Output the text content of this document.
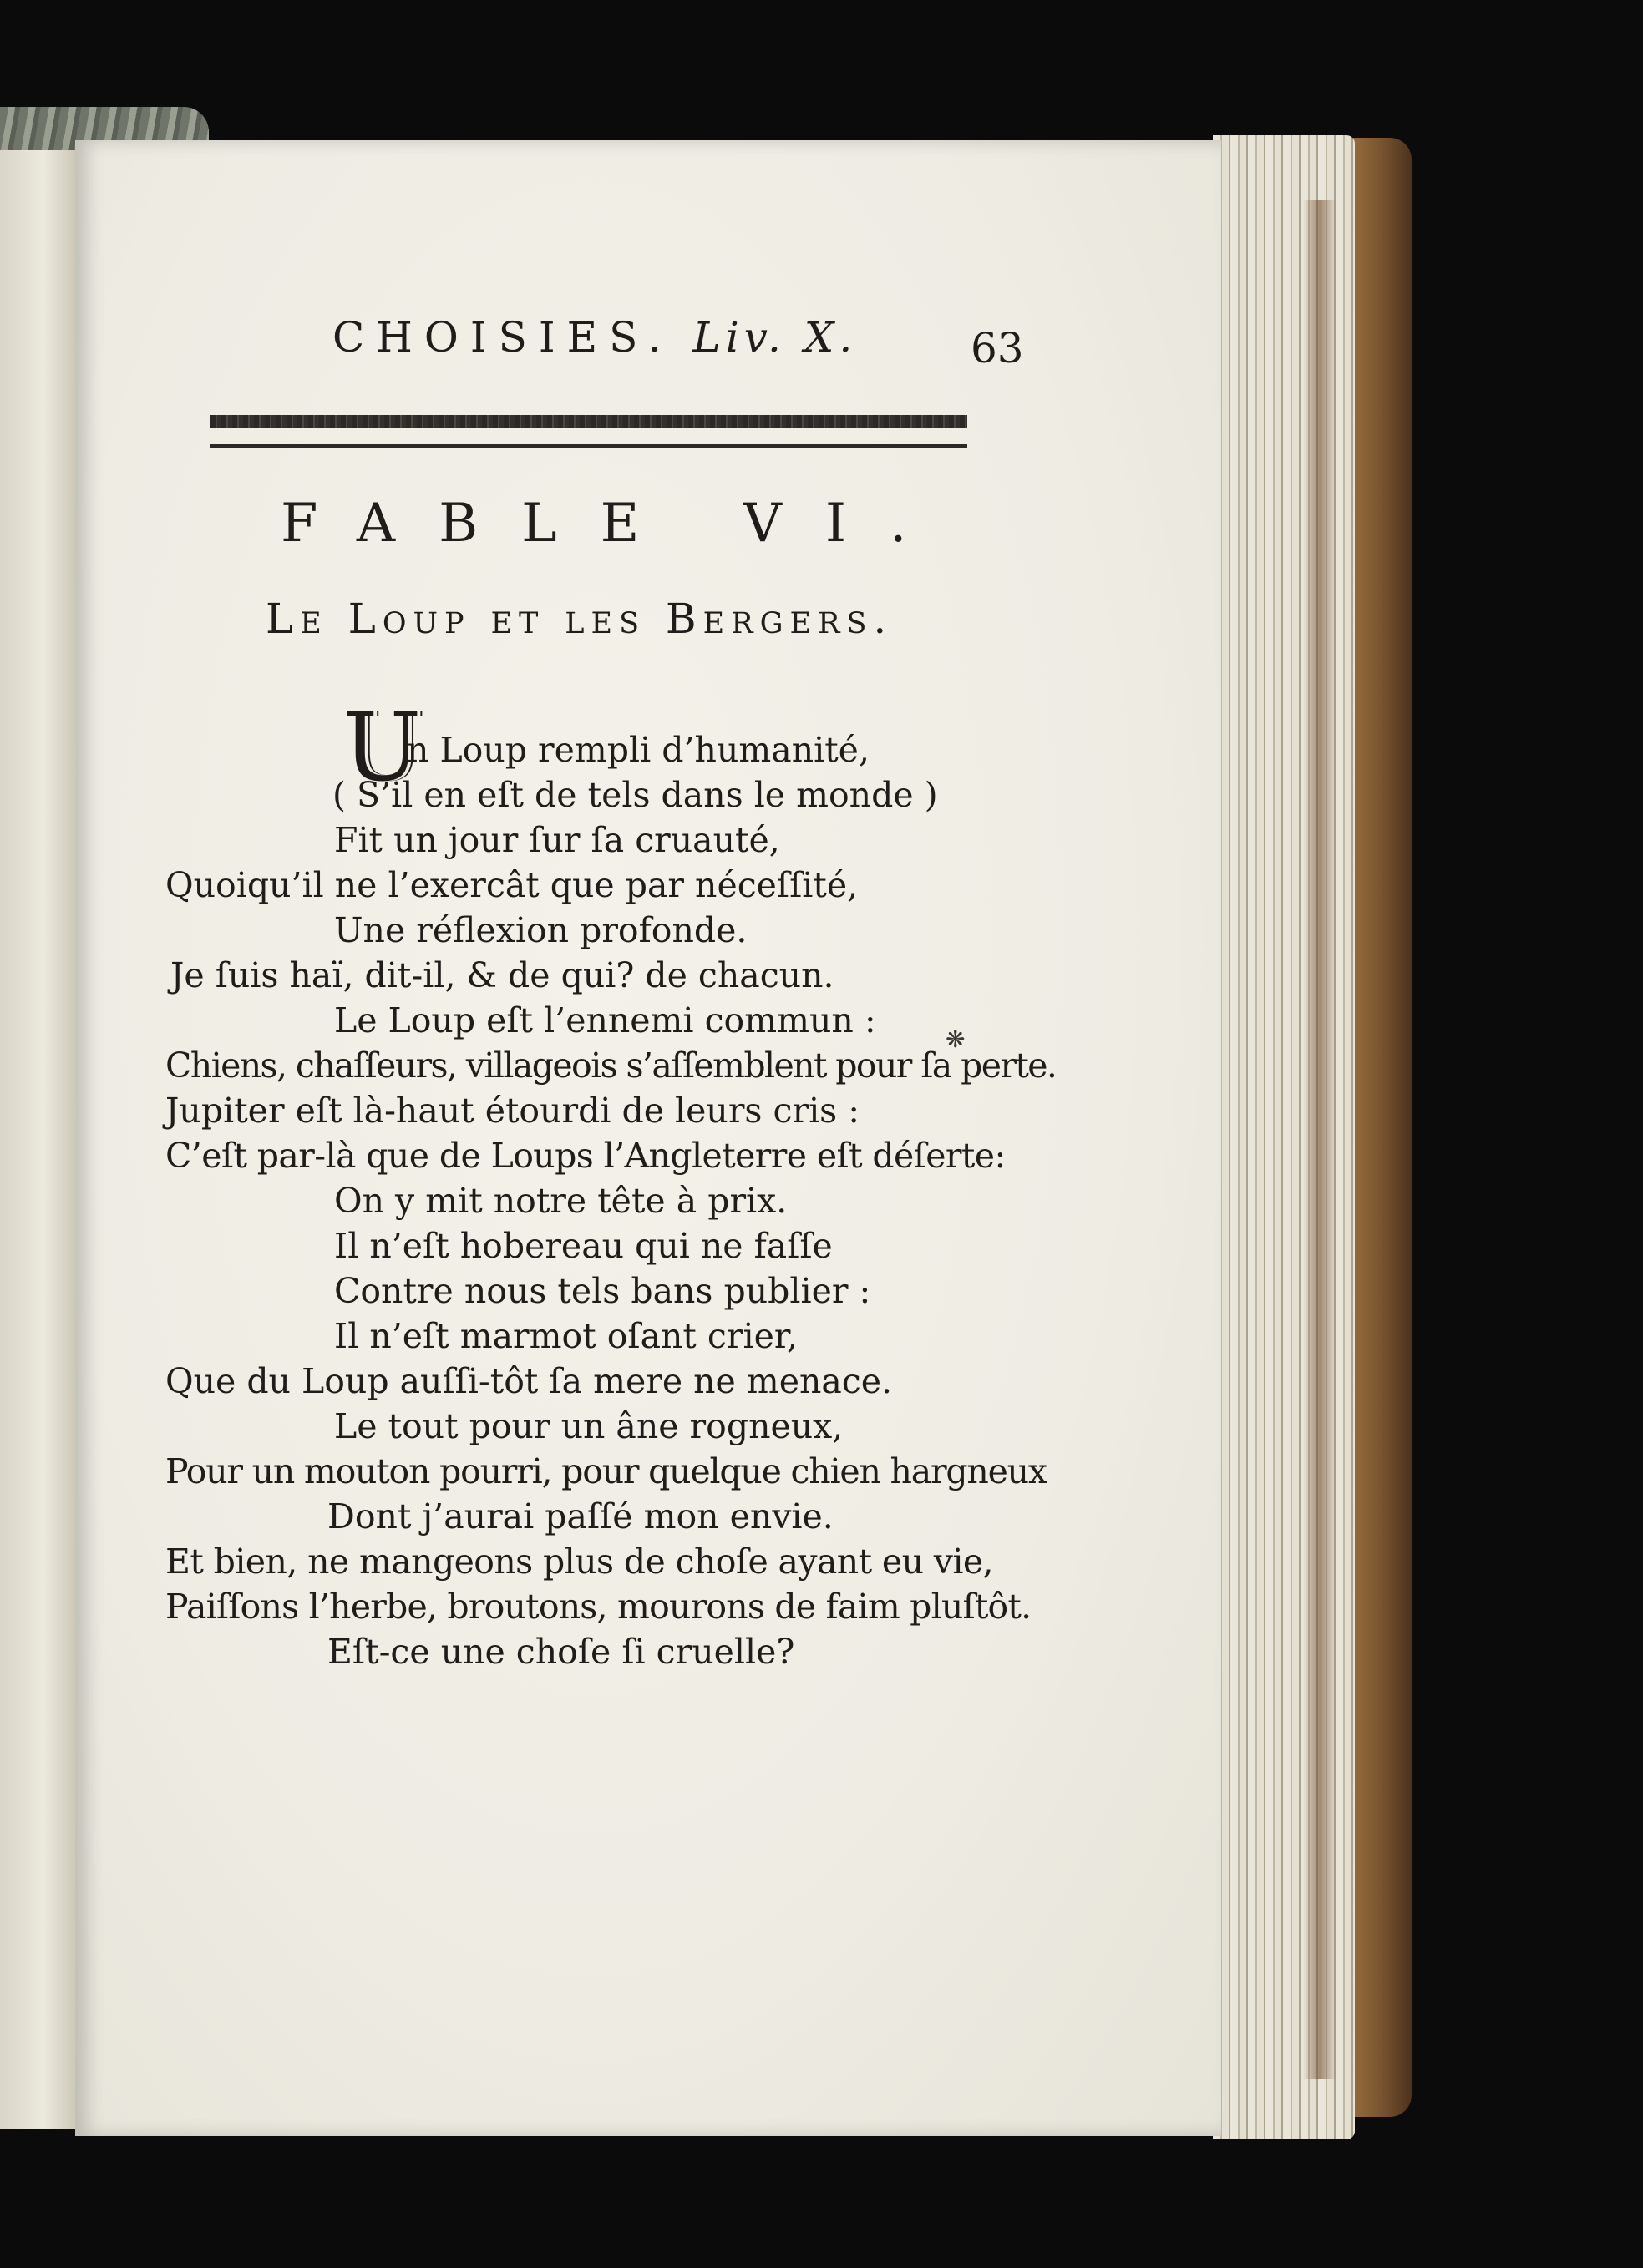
CHOISIES. Liv. X.	63
FABLE VI.
Le Loup et les Bergers.
U
n Loup rempli d’humanité,
( S’il en eſt de tels dans le monde )
Fit un jour ſur ſa cruauté,
Quoiqu’il ne l’exercât que par néceſſité,
Une réflexion profonde.
Je ſuis haï, dit-il, & de qui? de chacun.
Le Loup eſt l’ennemi commun :
Chiens, chaſſeurs, villageois s’aſſemblent pour ſa perte.
Jupiter eſt là-haut étourdi de leurs cris :
C’eſt par-là que de Loups l’Angleterre eſt déſerte:
On y mit notre tête à prix.
Il n’eſt hobereau qui ne faſſe
Contre nous tels bans publier :
Il n’eſt marmot oſant crier,
Que du Loup auſſi-tôt ſa mere ne menace.
Le tout pour un âne rogneux,
Pour un mouton pourri, pour quelque chien hargneux
Dont j’aurai paſſé mon envie.
Et bien, ne mangeons plus de choſe ayant eu vie,
Paiſſons l’herbe, broutons, mourons de faim pluſtôt.
Eſt-ce une choſe ſi cruelle?
❋
